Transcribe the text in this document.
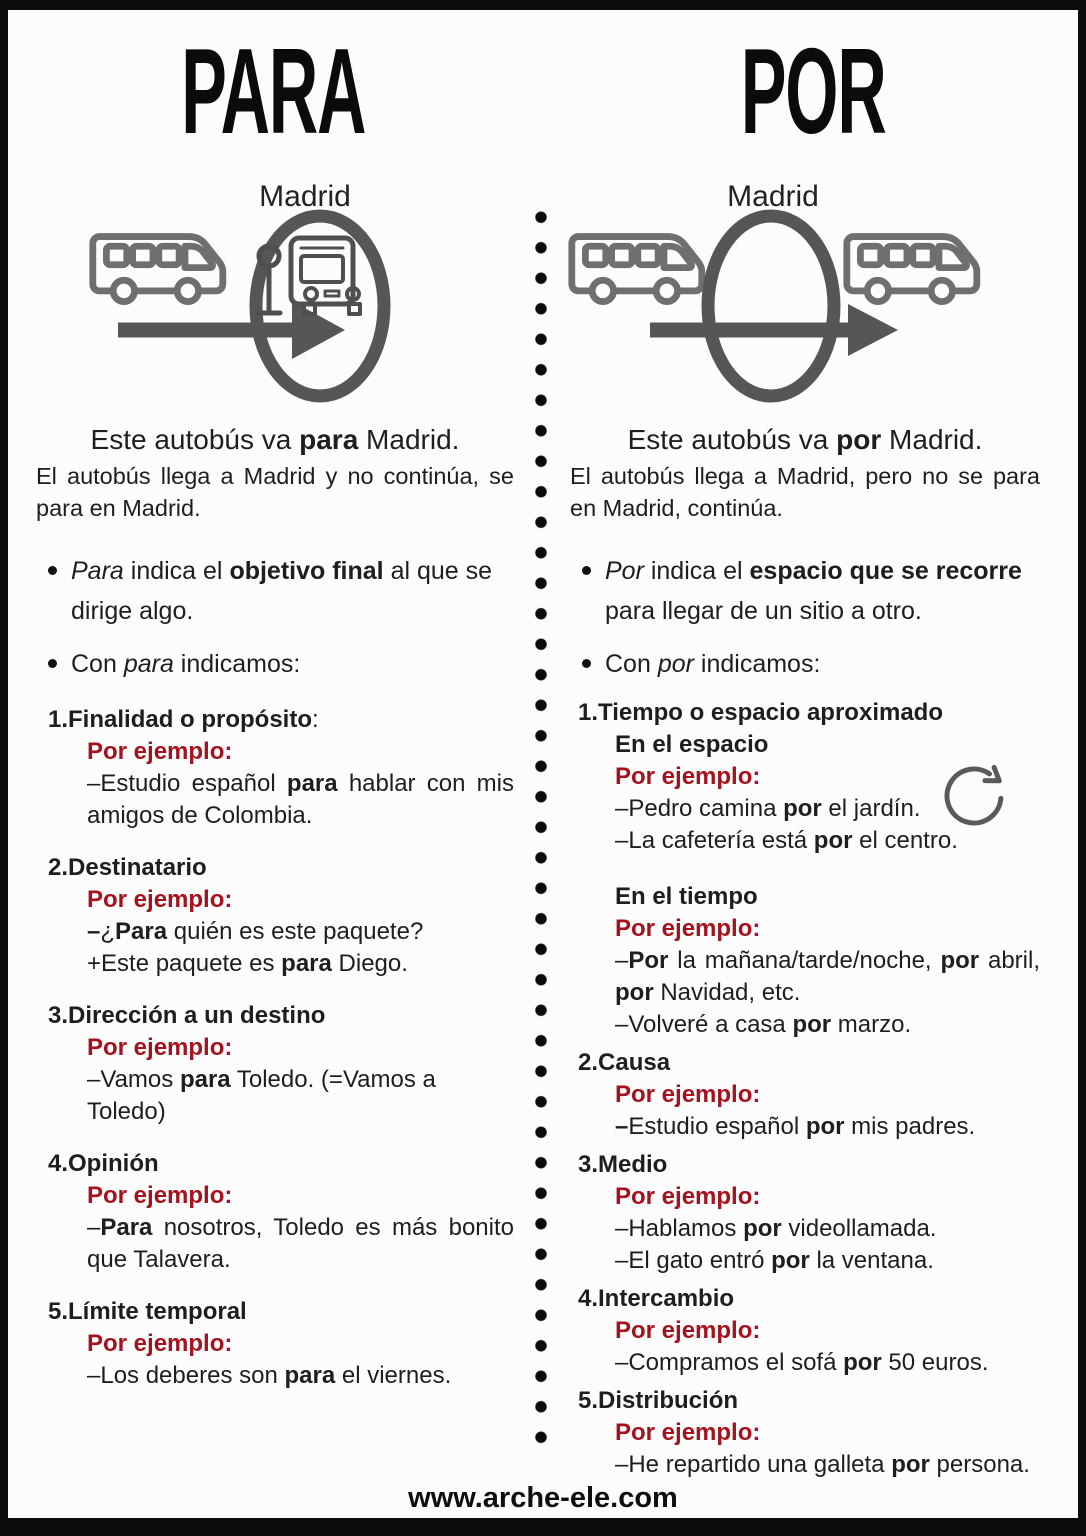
PARA	POR
Madrid	Madrid
Este autobús va para Madrid.
El autobús llega a Madrid y no continúa, se para en Madrid.
Para indica el objetivo final al que se dirige algo.
Con para indicamos:
1.Finalidad o propósito:
Por ejemplo:
–Estudio español para hablar con mis amigos de Colombia.
2.Destinatario
Por ejemplo:
–¿Para quién es este paquete?
+Este paquete es para Diego.
3.Dirección a un destino
Por ejemplo:
–Vamos para Toledo. (=Vamos a Toledo)
4.Opinión
Por ejemplo:
–Para nosotros, Toledo es más bonito que Talavera.
5.Límite temporal
Por ejemplo:
–Los deberes son para el viernes.
Este autobús va por Madrid.
El autobús llega a Madrid, pero no se para en Madrid, continúa.
Por indica el espacio que se recorre para llegar de un sitio a otro.
Con por indicamos:
1.Tiempo o espacio aproximado
En el espacio
Por ejemplo:
–Pedro camina por el jardín.
–La cafetería está por el centro.
En el tiempo
Por ejemplo:
–Por la mañana/tarde/noche, por abril, por Navidad, etc.
–Volveré a casa por marzo.
2.Causa
Por ejemplo:
–Estudio español por mis padres.
3.Medio
Por ejemplo:
–Hablamos por videollamada.
–El gato entró por la ventana.
4.Intercambio
Por ejemplo:
–Compramos el sofá por 50 euros.
5.Distribución
Por ejemplo:
–He repartido una galleta por persona.
www.arche-ele.com
